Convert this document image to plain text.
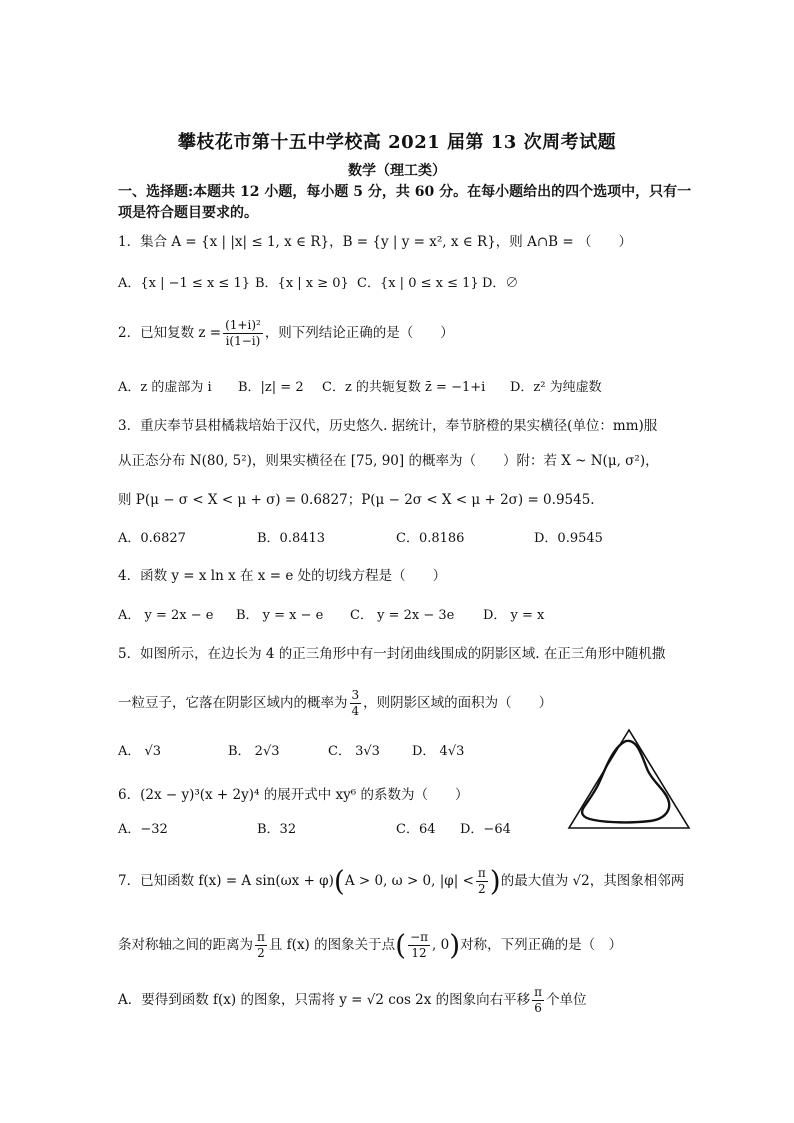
攀枝花市第十五中学校高 2021 届第 13 次周考试题
数学（理工类）
一、选择题:本题共 12 小题，每小题 5 分，共 60 分。在每小题给出的四个选项中，只有一
项是符合题目要求的。
1．集合 A = {x | |x| ≤ 1, x ∈ R}，B = {y | y = x², x ∈ R}，则 A∩B = （　　）
A．{x | −1 ≤ x ≤ 1} B．{x | x ≥ 0} C．{x | 0 ≤ x ≤ 1} D．∅
2．已知复数 $z = \frac{\text{(1+i)²}}{i(1-i)}$ ，则下列结论正确的是（　　）
A．z 的虚部为 i B．|z| = 2 C．z 的共轭复数 z̄ = −1+i D．z² 为纯虚数
3．重庆奉节县柑橘栽培始于汉代，历史悠久. 据统计，奉节脐橙的果实横径(单位：mm)服
从正态分布 N(80, 5²)，则果实横径在 [75, 90] 的概率为（　　）附：若 X ~ N(μ, σ²)，
则 P(μ − σ < X < μ + σ) = 0.6827；P(μ − 2σ < X < μ + 2σ) = 0.9545.
A．0.6827	B．0.8413	C．0.8186	D．0.9545
4．函数 y = x ln x 在 x = e 处的切线方程是（　　）
A． y = 2x − e B． y = x − e C． y = 2x − 3e D． y = x
5．如图所示，在边长为 4 的正三角形中有一封闭曲线围成的阴影区域. 在正三角形中随机撒
一粒豆子，它落在阴影区域内的概率为 $\frac{3}{4}$ ，则阴影区域的面积为（　　）
A． √3	B． 2√3	C． 3√3 D． 4√3
6．(2x − y)³(x + 2y)⁴ 的展开式中 xy⁶ 的系数为（　　）
A．−32	B．32	C．64 D．−64
7．已知函数 f(x) = A sin(ωx + φ)(A > 0, ω > 0, $|\varphi| < \frac{\pi}{2}$ )的最大值为 √2，其图象相邻两
条对称轴之间的距离为 $\frac{\pi}{2}$ 且 f(x) 的图象关于点( $\frac{-\pi}{12}$ , 0)对称，下列正确的是（　）
A．要得到函数 f(x) 的图象，只需将 y = √2 cos 2x 的图象向右平移 $\frac{\pi}{6}$ 个单位
